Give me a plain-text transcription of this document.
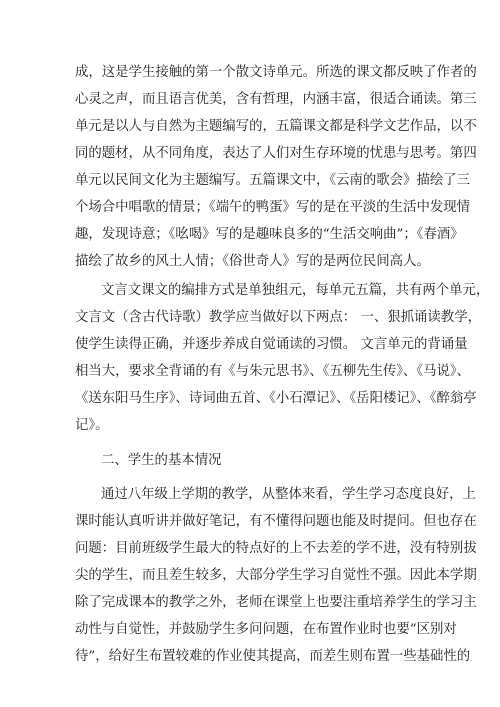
成，这是学生接触的第一个散文诗单元。所选的课文都反映了作者的
心灵之声，而且语言优美，含有哲理，内涵丰富，很适合诵读。第三
单元是以人与自然为主题编写的，五篇课文都是科学文艺作品，以不
同的题材，从不同角度，表达了人们对生存环境的忧患与思考。第四
单元以民间文化为主题编写。五篇课文中，《云南的歌会》描绘了三
个场合中唱歌的情景；《端午的鸭蛋》写的是在平淡的生活中发现情
趣，发现诗意；《吆喝》写的是趣味良多的“生活交响曲”；《春酒》
描绘了故乡的风土人情；《俗世奇人》写的是两位民间高人。
文言文课文的编排方式是单独组元，每单元五篇，共有两个单元，
文言文（含古代诗歌）教学应当做好以下两点： 一、狠抓诵读教学，
使学生读得正确，并逐步养成自觉诵读的习惯。 文言单元的背诵量
相当大，要求全背诵的有《与朱元思书》、《五柳先生传》、《马说》、
《送东阳马生序》、诗词曲五首、《小石潭记》、《岳阳楼记》、《醉翁亭
记》。
二、学生的基本情况
通过八年级上学期的教学，从整体来看，学生学习态度良好，上
课时能认真听讲并做好笔记，有不懂得问题也能及时提问。但也存在
问题：目前班级学生最大的特点好的上不去差的学不进，没有特别拔
尖的学生，而且差生较多，大部分学生学习自觉性不强。因此本学期
除了完成课本的教学之外，老师在课堂上也要注重培养学生的学习主
动性与自觉性，并鼓励学生多问问题，在布置作业时也要“区别对
待”，给好生布置较难的作业使其提高，而差生则布置一些基础性的
